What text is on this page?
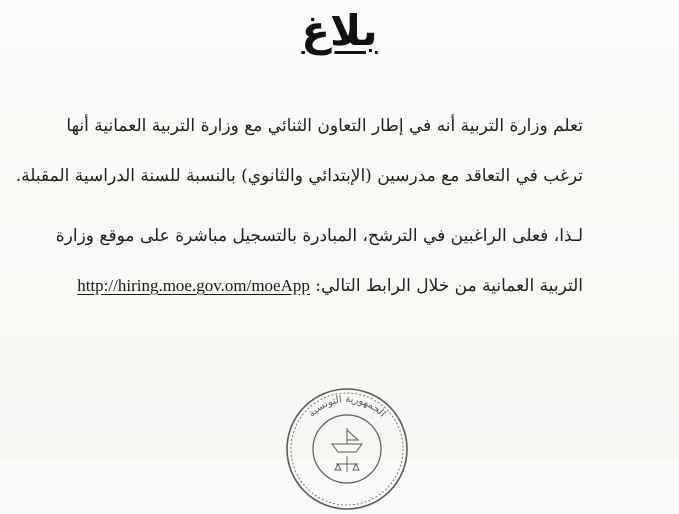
بلاغ
تعلم وزارة التربية أنه في إطار التعاون الثنائي مع وزارة التربية العمانية أنها
ترغب في التعاقد مع مدرسين (الإبتدائي والثانوي) بالنسبة للسنة الدراسية المقبلة.
لـذا، فعلى الراغبين في الترشح، المبادرة بالتسجيل مباشرة على موقع وزارة
التربية العمانية من خلال الرابط التالي: http://hiring.moe.gov.om/moeApp
الجمهورية التونسية
